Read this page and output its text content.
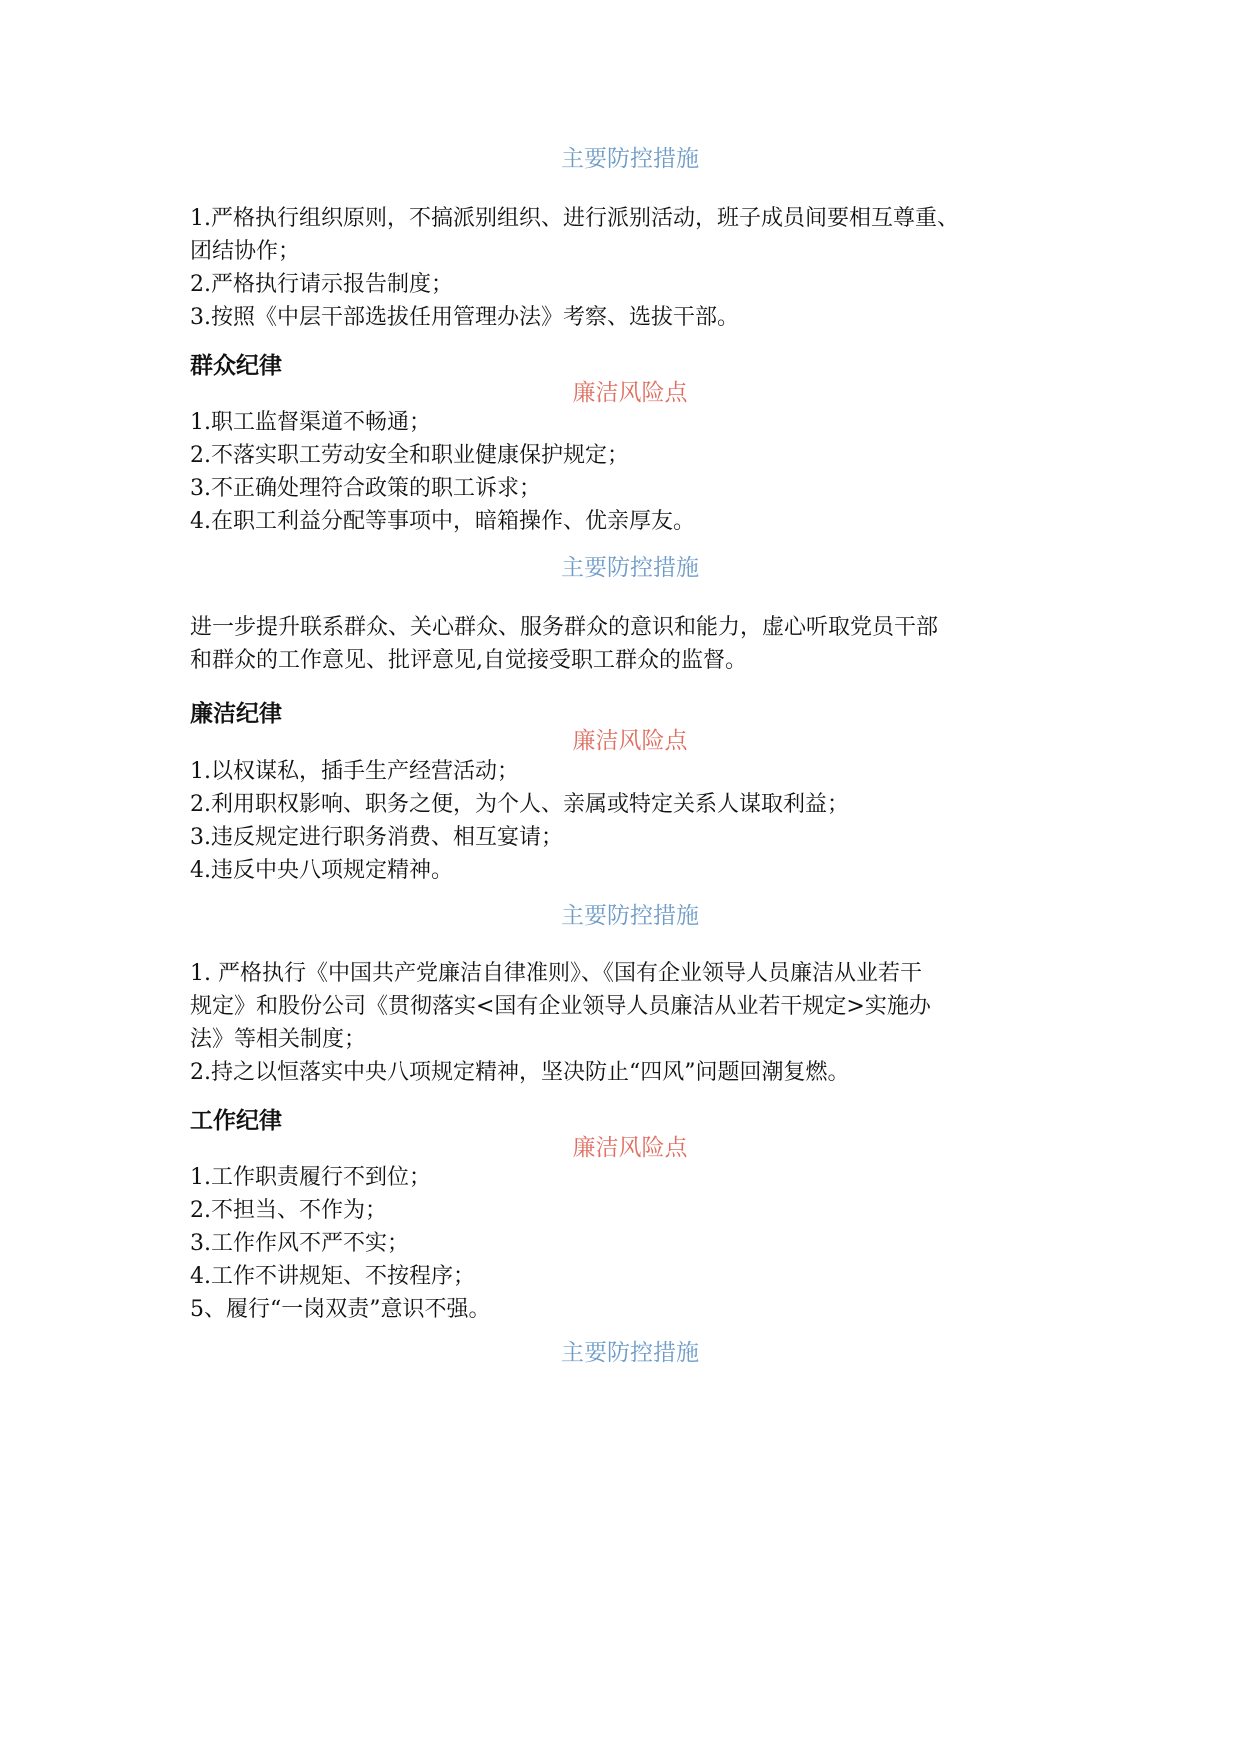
主要防控措施
1.严格执行组织原则，不搞派别组织、进行派别活动，班子成员间要相互尊重、
团结协作；
2.严格执行请示报告制度；
3.按照《中层干部选拔任用管理办法》考察、选拔干部。
群众纪律
廉洁风险点
1.职工监督渠道不畅通；
2.不落实职工劳动安全和职业健康保护规定；
3.不正确处理符合政策的职工诉求；
4.在职工利益分配等事项中，暗箱操作、优亲厚友。
主要防控措施
进一步提升联系群众、关心群众、服务群众的意识和能力，虚心听取党员干部
和群众的工作意见、批评意见,自觉接受职工群众的监督。
廉洁纪律
廉洁风险点
1.以权谋私，插手生产经营活动；
2.利用职权影响、职务之便，为个人、亲属或特定关系人谋取利益；
3.违反规定进行职务消费、相互宴请；
4.违反中央八项规定精神。
主要防控措施
1. 严格执行《中国共产党廉洁自律准则》、《国有企业领导人员廉洁从业若干
规定》和股份公司《贯彻落实<国有企业领导人员廉洁从业若干规定>实施办
法》等相关制度；
2.持之以恒落实中央八项规定精神，坚决防止“四风”问题回潮复燃。
工作纪律
廉洁风险点
1.工作职责履行不到位；
2.不担当、不作为；
3.工作作风不严不实；
4.工作不讲规矩、不按程序；
5、履行“一岗双责”意识不强。
主要防控措施
